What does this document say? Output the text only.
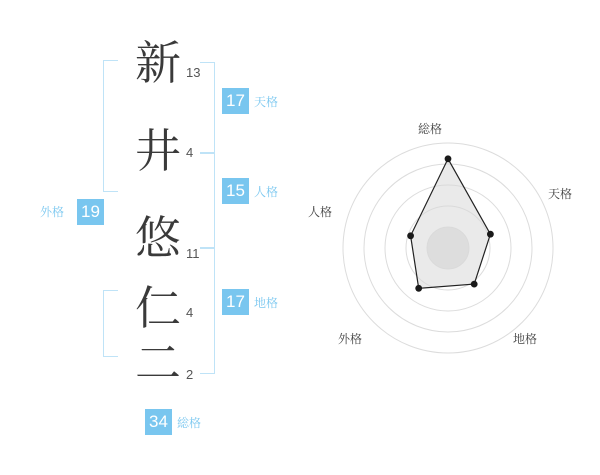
新 13
井 4
悠 11
仁 4
二 2
19
外格
17 天格
15 人格
17 地格
34 総格
総格
天格
地格
外格
人格
